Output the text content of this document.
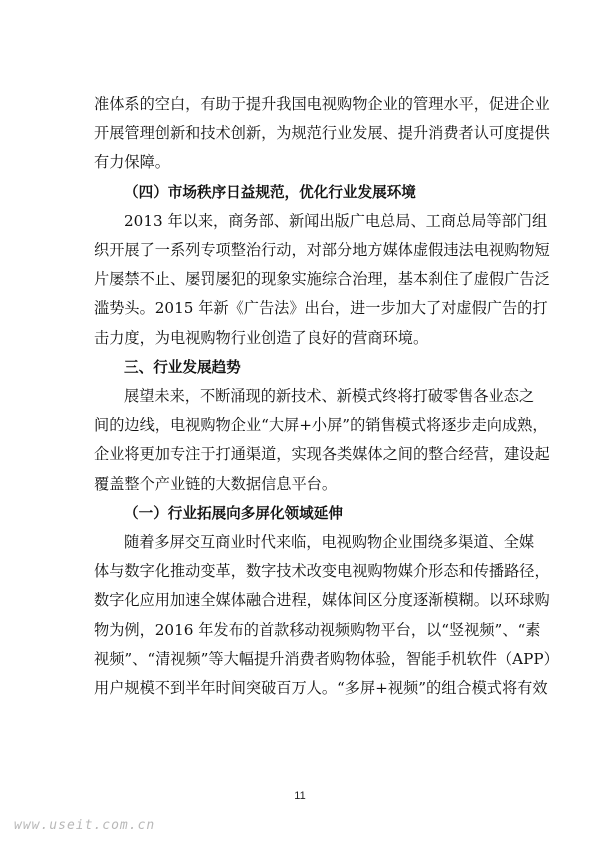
准体系的空白，有助于提升我国电视购物企业的管理水平，促进企业
开展管理创新和技术创新，为规范行业发展、提升消费者认可度提供
有力保障。

（四）市场秩序日益规范，优化行业发展环境

2013 年以来，商务部、新闻出版广电总局、工商总局等部门组
织开展了一系列专项整治行动，对部分地方媒体虚假违法电视购物短
片屡禁不止、屡罚屡犯的现象实施综合治理，基本刹住了虚假广告泛
滥势头。2015 年新《广告法》出台，进一步加大了对虚假广告的打
击力度，为电视购物行业创造了良好的营商环境。

三、行业发展趋势

展望未来，不断涌现的新技术、新模式终将打破零售各业态之
间的边线，电视购物企业“大屏+小屏”的销售模式将逐步走向成熟，
企业将更加专注于打通渠道，实现各类媒体之间的整合经营，建设起
覆盖整个产业链的大数据信息平台。

（一）行业拓展向多屏化领域延伸

随着多屏交互商业时代来临，电视购物企业围绕多渠道、全媒
体与数字化推动变革，数字技术改变电视购物媒介形态和传播路径，
数字化应用加速全媒体融合进程，媒体间区分度逐渐模糊。以环球购
物为例，2016 年发布的首款移动视频购物平台，以“竖视频”、“素
视频”、“清视频”等大幅提升消费者购物体验，智能手机软件（APP）
用户规模不到半年时间突破百万人。“多屏+视频”的组合模式将有效

11
www.useit.com.cn
